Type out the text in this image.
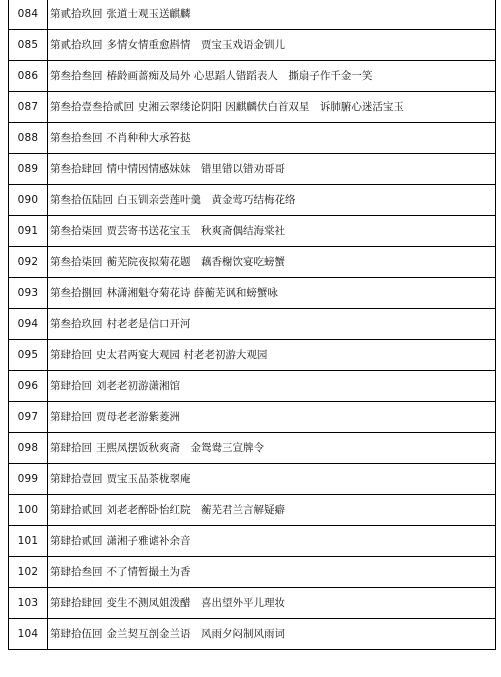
084	第贰拾玖回 张道士观玉送麒麟
085	第贰拾玖回 多情女情重愈斟情　贾宝玉戏语金钏儿
086	第叁拾叁回 椿龄画蔷痴及局外 心思蹈人错蹈表人　撕扇子作千金一笑
087	第叁拾壹叁拾贰回 史湘云翠缕论阴阳 因麒麟伏白首双星　诉肺腑心迷活宝玉
088	第叁拾叁回 不肖种种大承笞挞
089	第叁拾肆回 情中情因情感妹妹　错里错以错劝哥哥
090	第叁拾伍陆回 白玉钏亲尝莲叶羹　黄金莺巧结梅花络
091	第叁拾柒回 贾芸寄书送花宝玉　秋爽斋偶结海棠社
092	第叁拾柒回 蘅芜院夜拟菊花题　藕香榭饮宴吃螃蟹
093	第叁拾捌回 林潇湘魁夺菊花诗 薛蘅芜讽和螃蟹咏
094	第叁拾玖回 村老老是信口开河
095	第肆拾回 史太君两宴大观园 村老老初游大观园
096	第肆拾回 刘老老初游潇湘馆
097	第肆拾回 贾母老老游紫菱洲
098	第肆拾回 王熙凤摆饭秋爽斋　金鸳鸯三宣牌令
099	第肆拾壹回 贾宝玉品茶栊翠庵
100	第肆拾贰回 刘老老醉卧怡红院　蘅芜君兰言解疑癖
101	第肆拾贰回 潇湘子雅谑补余音
102	第肆拾叁回 不了情暂撮土为香
103	第肆拾肆回 变生不测凤姐泼醋　喜出望外平儿理妆
104	第肆拾伍回 金兰契互剖金兰语　风雨夕闷制风雨词
